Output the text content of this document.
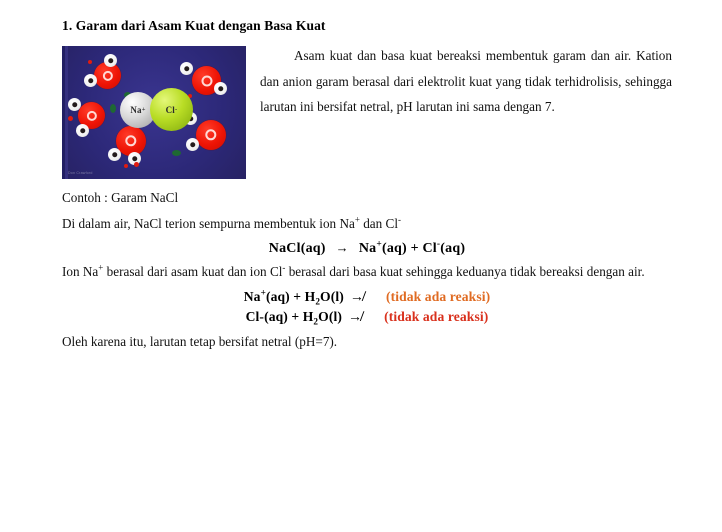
1. Garam dari Asam Kuat dengan Basa Kuat
Na + Cl -
Don Crawford

Asam kuat dan basa kuat bereaksi membentuk garam dan air. Kation dan anion garam berasal dari elektrolit kuat yang tidak terhidrolisis, sehingga larutan ini bersifat netral, pH larutan ini sama dengan 7.

Contoh : Garam NaCl

Di dalam air, NaCl terion sempurna membentuk ion Na+ dan Cl-

NaCl(aq) → Na+(aq) + Cl-(aq)

Ion Na+ berasal dari asam kuat dan ion Cl- berasal dari basa kuat sehingga keduanya tidak bereaksi dengan air.

$Na^+(aq) + H_2O(l)$ ↛ (tidak ada reaksi)

$Cl-(aq) + H_2O(l)$ ↛ (tidak ada reaksi)

Oleh karena itu, larutan tetap bersifat netral (pH=7).
